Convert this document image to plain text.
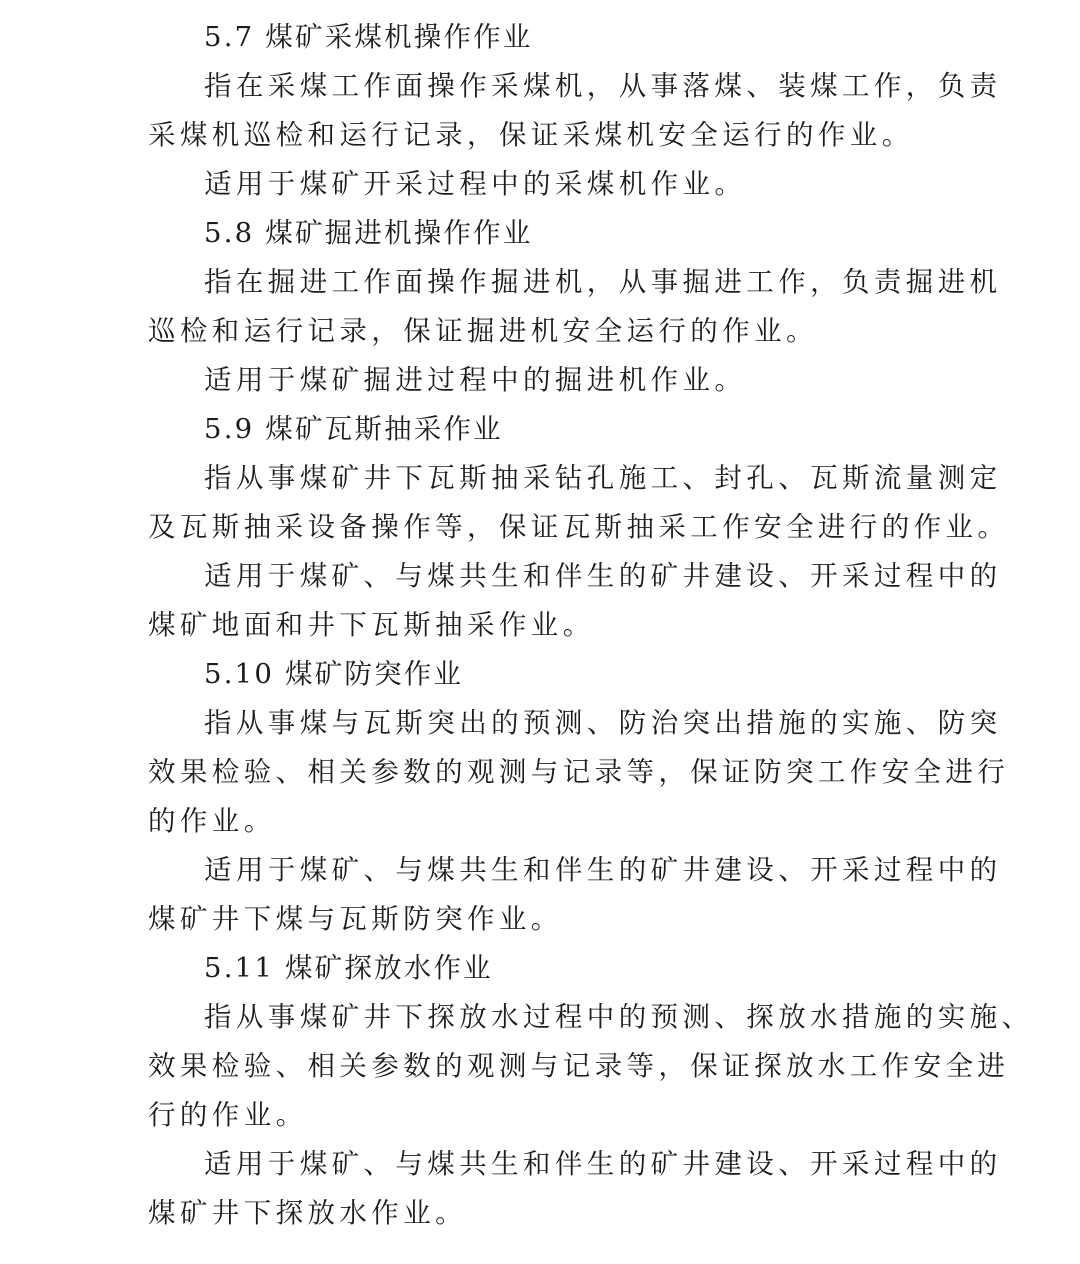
5.7 煤矿采煤机操作作业
指在采煤工作面操作采煤机，从事落煤、装煤工作，负责
采煤机巡检和运行记录，保证采煤机安全运行的作业。
适用于煤矿开采过程中的采煤机作业。
5.8 煤矿掘进机操作作业
指在掘进工作面操作掘进机，从事掘进工作，负责掘进机
巡检和运行记录，保证掘进机安全运行的作业。
适用于煤矿掘进过程中的掘进机作业。
5.9 煤矿瓦斯抽采作业
指从事煤矿井下瓦斯抽采钻孔施工、封孔、瓦斯流量测定
及瓦斯抽采设备操作等，保证瓦斯抽采工作安全进行的作业。
适用于煤矿、与煤共生和伴生的矿井建设、开采过程中的
煤矿地面和井下瓦斯抽采作业。
5.10 煤矿防突作业
指从事煤与瓦斯突出的预测、防治突出措施的实施、防突
效果检验、相关参数的观测与记录等，保证防突工作安全进行
的作业。
适用于煤矿、与煤共生和伴生的矿井建设、开采过程中的
煤矿井下煤与瓦斯防突作业。
5.11 煤矿探放水作业
指从事煤矿井下探放水过程中的预测、探放水措施的实施、
效果检验、相关参数的观测与记录等，保证探放水工作安全进
行的作业。
适用于煤矿、与煤共生和伴生的矿井建设、开采过程中的
煤矿井下探放水作业。
